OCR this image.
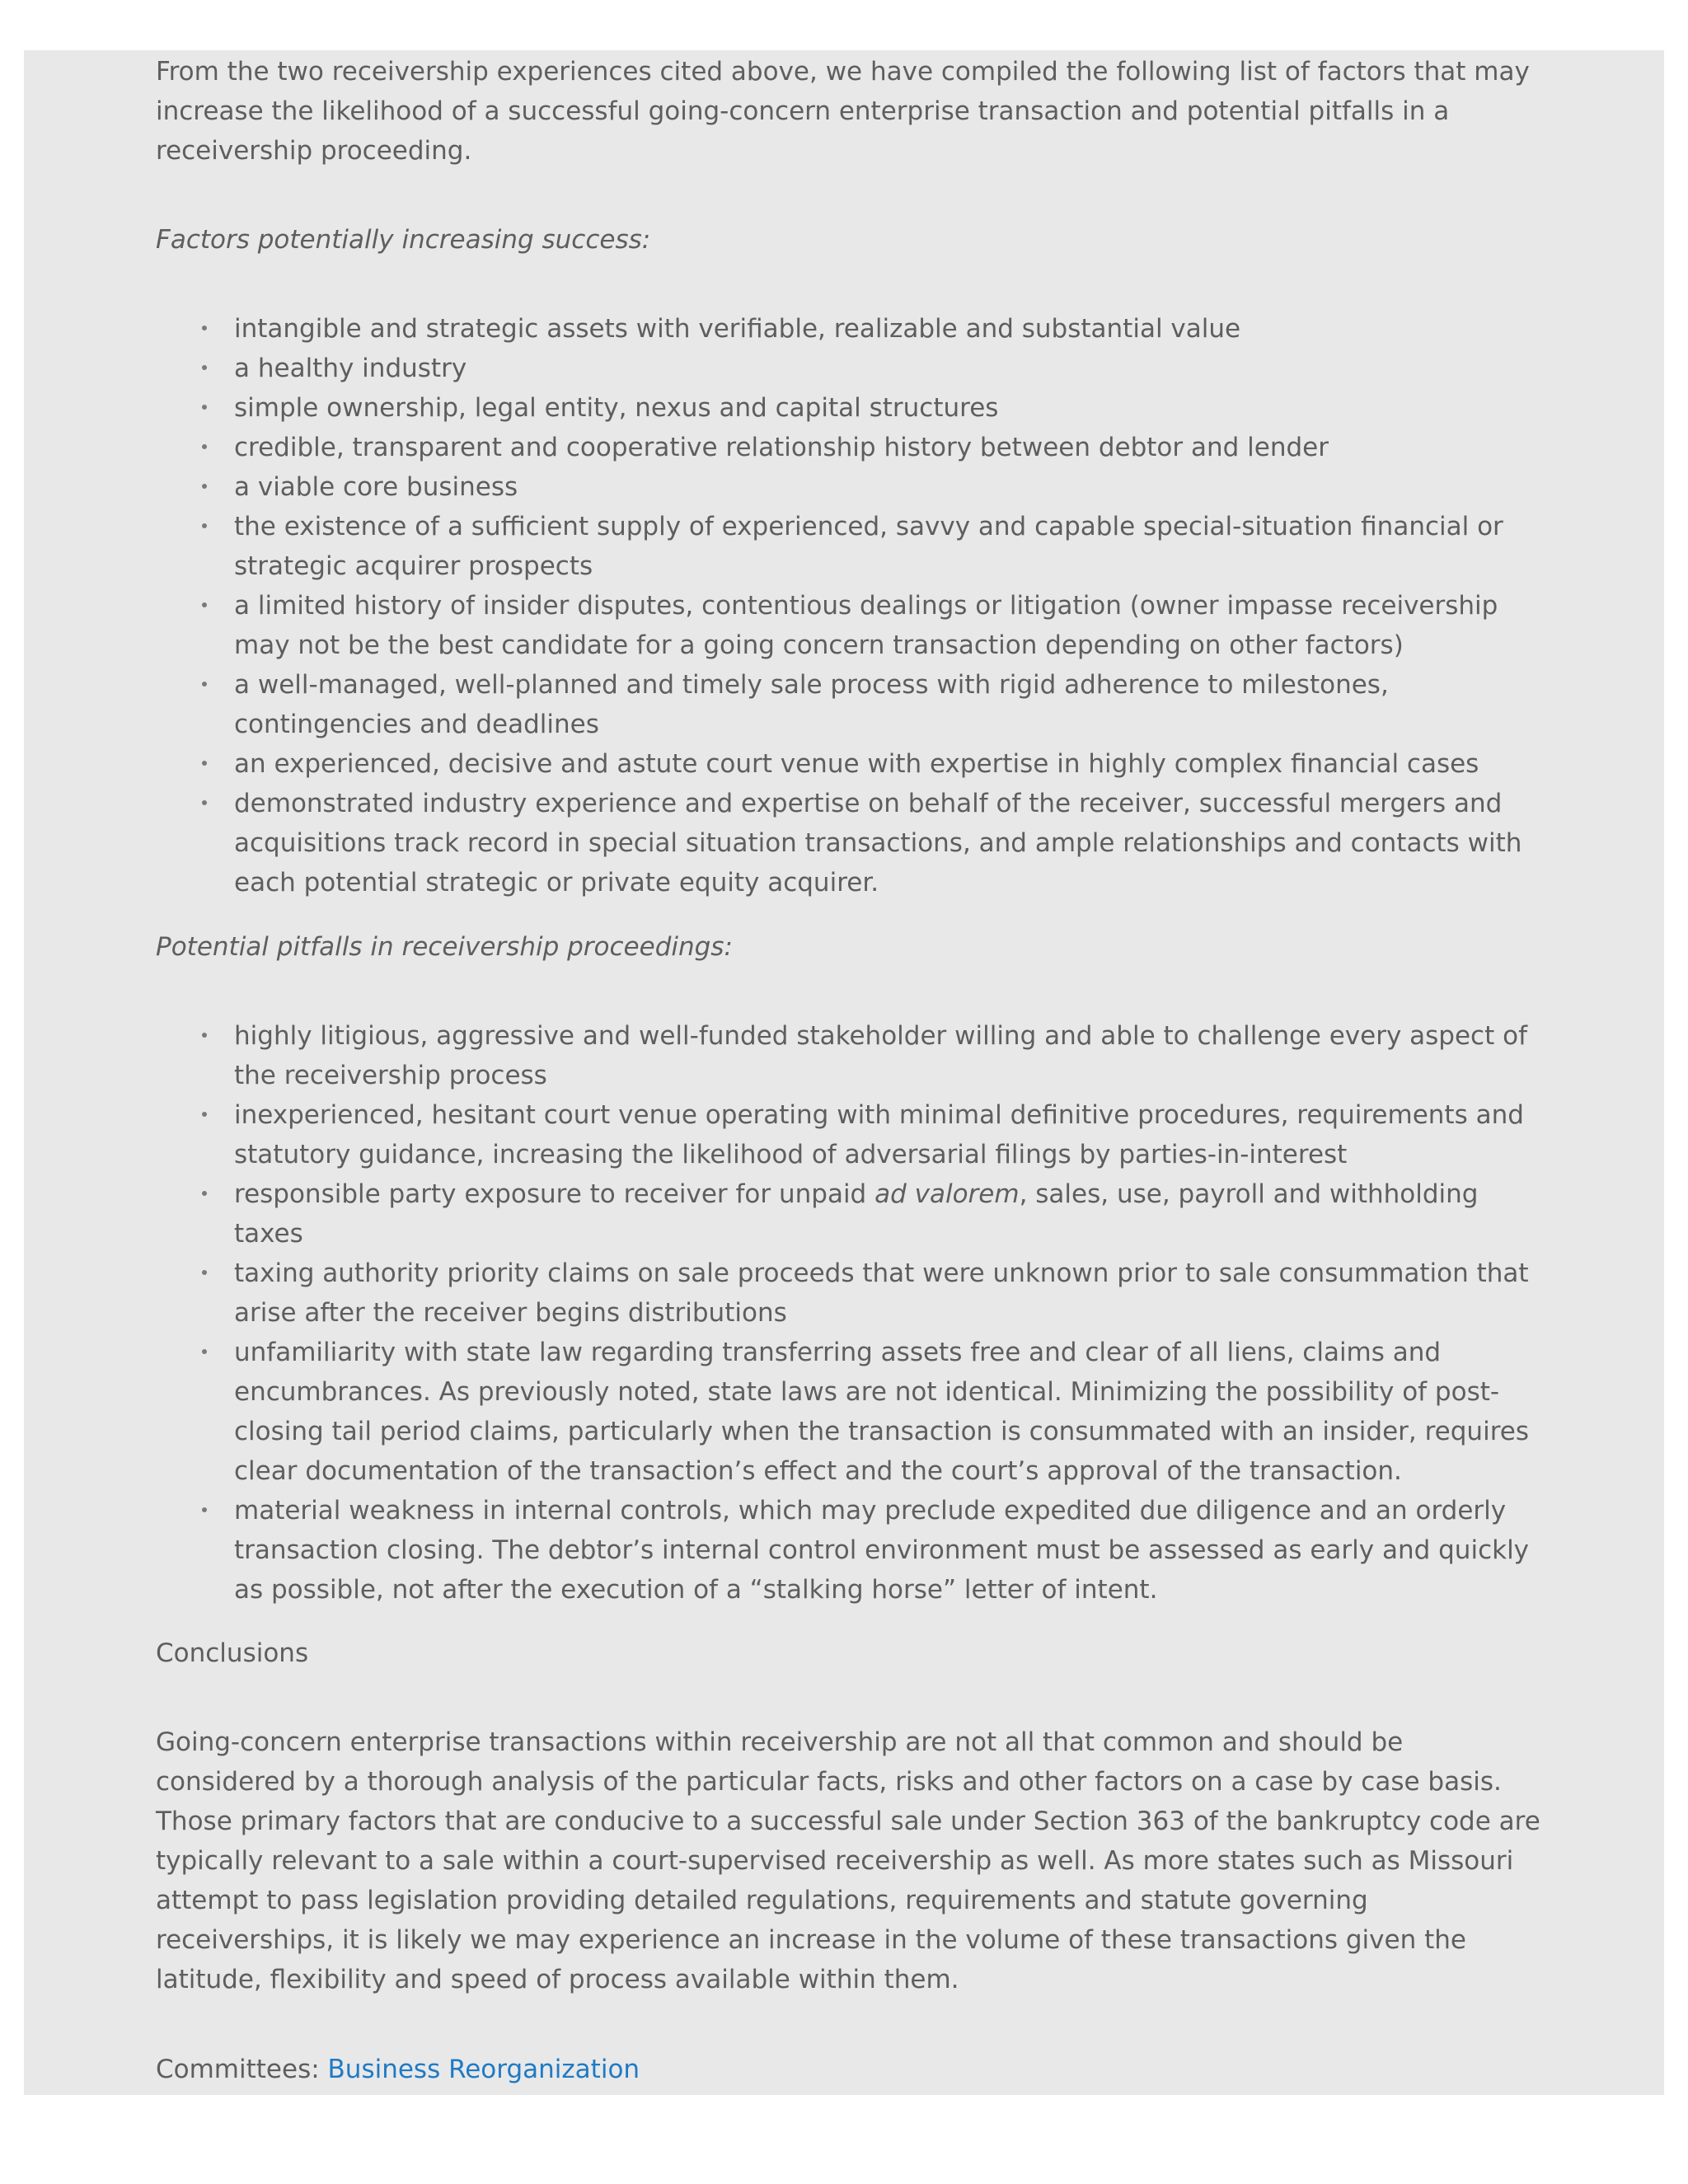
From the two receivership experiences cited above, we have compiled the following list of factors that may increase the likelihood of a successful going-concern enterprise transaction and potential pitfalls in a receivership proceeding.

Factors potentially increasing success:

intangible and strategic assets with verifiable, realizable and substantial value
a healthy industry
simple ownership, legal entity, nexus and capital structures
credible, transparent and cooperative relationship history between debtor and lender
a viable core business
the existence of a sufficient supply of experienced, savvy and capable special-situation financial or strategic acquirer prospects
a limited history of insider disputes, contentious dealings or litigation (owner impasse receivership may not be the best candidate for a going concern transaction depending on other factors)
a well-managed, well-planned and timely sale process with rigid adherence to milestones, contingencies and deadlines
an experienced, decisive and astute court venue with expertise in highly complex financial cases
demonstrated industry experience and expertise on behalf of the receiver, successful mergers and acquisitions track record in special situation transactions, and ample relationships and contacts with each potential strategic or private equity acquirer.

Potential pitfalls in receivership proceedings:

highly litigious, aggressive and well-funded stakeholder willing and able to challenge every aspect of the receivership process
inexperienced, hesitant court venue operating with minimal definitive procedures, requirements and statutory guidance, increasing the likelihood of adversarial filings by parties-in-interest
responsible party exposure to receiver for unpaid ad valorem, sales, use, payroll and withholding taxes
taxing authority priority claims on sale proceeds that were unknown prior to sale consummation that arise after the receiver begins distributions
unfamiliarity with state law regarding transferring assets free and clear of all liens, claims and encumbrances. As previously noted, state laws are not identical. Minimizing the possibility of post-closing tail period claims, particularly when the transaction is consummated with an insider, requires clear documentation of the transaction’s effect and the court’s approval of the transaction.
material weakness in internal controls, which may preclude expedited due diligence and an orderly transaction closing. The debtor’s internal control environment must be assessed as early and quickly as possible, not after the execution of a “stalking horse” letter of intent.

Conclusions

Going-concern enterprise transactions within receivership are not all that common and should be considered by a thorough analysis of the particular facts, risks and other factors on a case by case basis. Those primary factors that are conducive to a successful sale under Section 363 of the bankruptcy code are typically relevant to a sale within a court-supervised receivership as well. As more states such as Missouri attempt to pass legislation providing detailed regulations, requirements and statute governing receiverships, it is likely we may experience an increase in the volume of these transactions given the latitude, flexibility and speed of process available within them.

Committees: Business Reorganization
